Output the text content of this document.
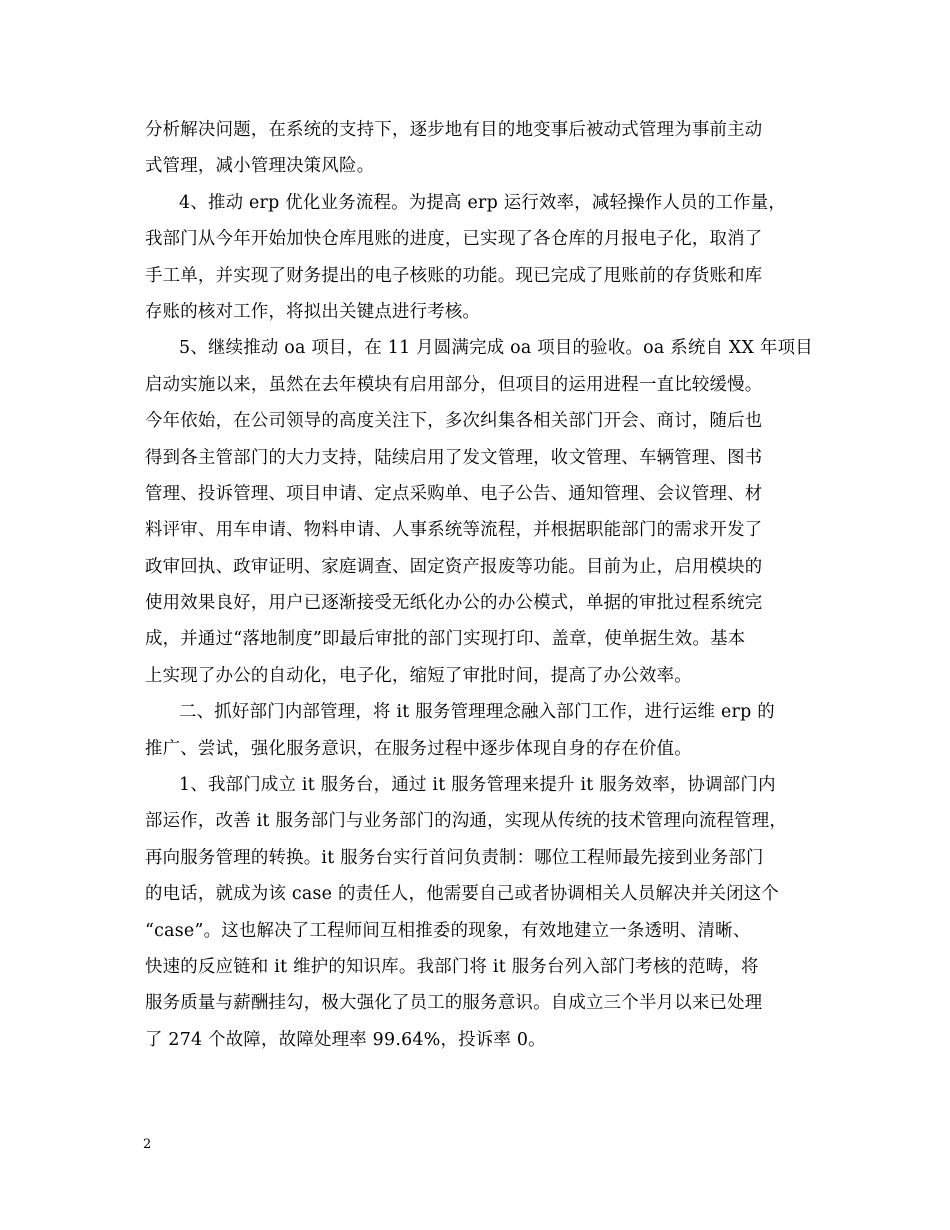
分析解决问题，在系统的支持下，逐步地有目的地变事后被动式管理为事前主动
式管理，减小管理决策风险。
4、推动 erp 优化业务流程。为提高 erp 运行效率，减轻操作人员的工作量，
我部门从今年开始加快仓库甩账的进度，已实现了各仓库的月报电子化，取消了
手工单，并实现了财务提出的电子核账的功能。现已完成了甩账前的存货账和库
存账的核对工作，将拟出关键点进行考核。
5、继续推动 oa 项目，在 11 月圆满完成 oa 项目的验收。oa 系统自 XX 年项目
启动实施以来，虽然在去年模块有启用部分，但项目的运用进程一直比较缓慢。
今年依始，在公司领导的高度关注下，多次纠集各相关部门开会、商讨，随后也
得到各主管部门的大力支持，陆续启用了发文管理，收文管理、车辆管理、图书
管理、投诉管理、项目申请、定点采购单、电子公告、通知管理、会议管理、材
料评审、用车申请、物料申请、人事系统等流程，并根据职能部门的需求开发了
政审回执、政审证明、家庭调查、固定资产报废等功能。目前为止，启用模块的
使用效果良好，用户已逐渐接受无纸化办公的办公模式，单据的审批过程系统完
成，并通过“落地制度”即最后审批的部门实现打印、盖章，使单据生效。基本
上实现了办公的自动化，电子化，缩短了审批时间，提高了办公效率。
二、抓好部门内部管理，将 it 服务管理理念融入部门工作，进行运维 erp 的
推广、尝试，强化服务意识，在服务过程中逐步体现自身的存在价值。
1、我部门成立 it 服务台，通过 it 服务管理来提升 it 服务效率，协调部门内
部运作，改善 it 服务部门与业务部门的沟通，实现从传统的技术管理向流程管理，
再向服务管理的转换。it 服务台实行首问负责制：哪位工程师最先接到业务部门
的电话，就成为该 case 的责任人，他需要自己或者协调相关人员解决并关闭这个
“case”。这也解决了工程师间互相推委的现象，有效地建立一条透明、清晰、
快速的反应链和 it 维护的知识库。我部门将 it 服务台列入部门考核的范畴，将
服务质量与薪酬挂勾，极大强化了员工的服务意识。自成立三个半月以来已处理
了 274 个故障，故障处理率 99.64%，投诉率 0。
2
